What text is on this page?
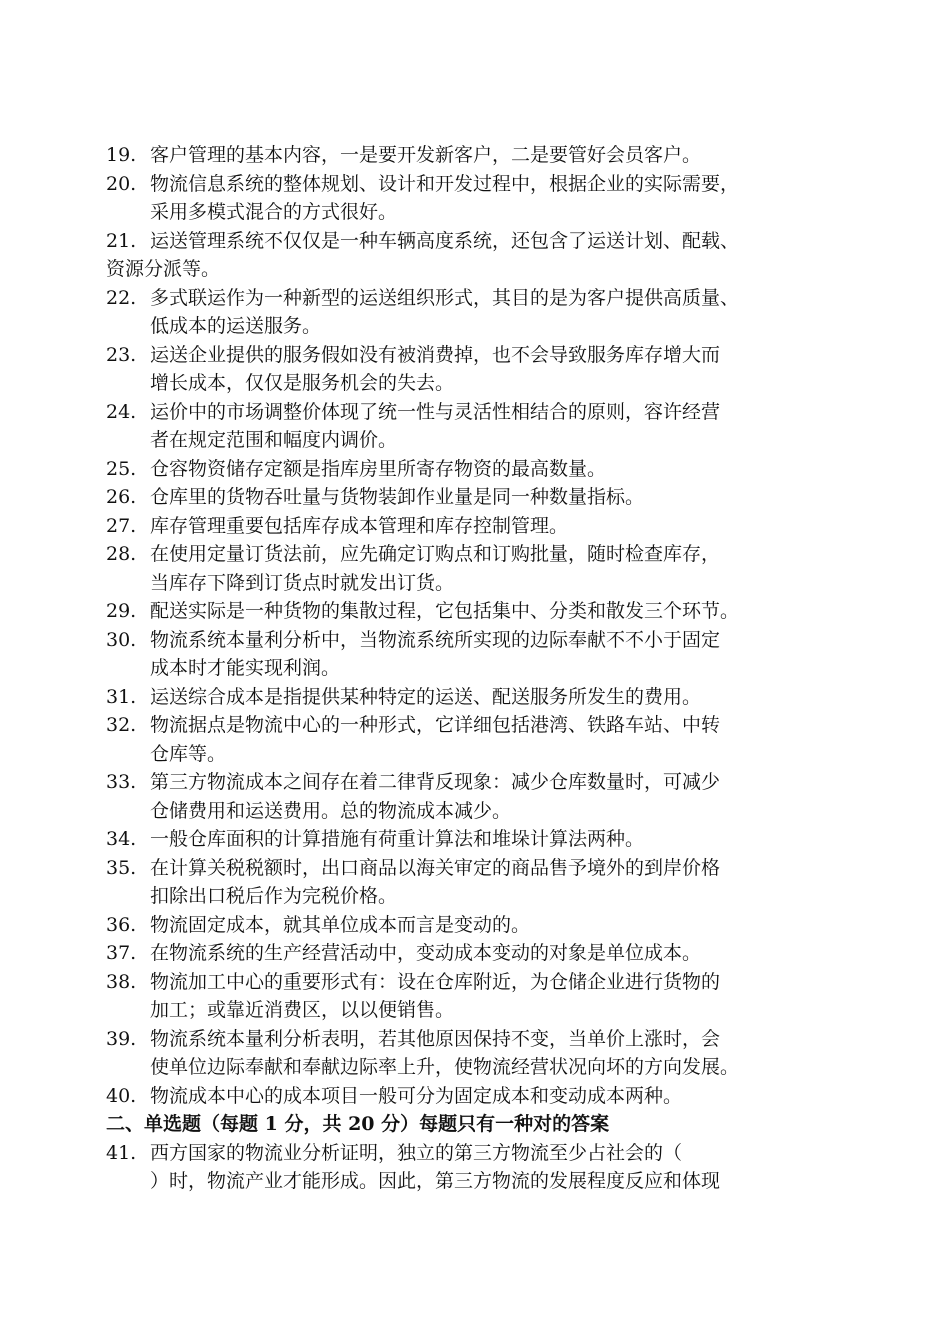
19. 客户管理的基本内容，一是要开发新客户，二是要管好会员客户。
20. 物流信息系统的整体规划、设计和开发过程中，根据企业的实际需要，
采用多模式混合的方式很好。
21. 运送管理系统不仅仅是一种车辆高度系统，还包含了运送计划、配载、
资源分派等。
22. 多式联运作为一种新型的运送组织形式，其目的是为客户提供高质量、
低成本的运送服务。
23. 运送企业提供的服务假如没有被消费掉，也不会导致服务库存增大而
增长成本，仅仅是服务机会的失去。
24. 运价中的市场调整价体现了统一性与灵活性相结合的原则，容许经营
者在规定范围和幅度内调价。
25. 仓容物资储存定额是指库房里所寄存物资的最高数量。
26. 仓库里的货物吞吐量与货物装卸作业量是同一种数量指标。
27. 库存管理重要包括库存成本管理和库存控制管理。
28. 在使用定量订货法前，应先确定订购点和订购批量，随时检查库存，
当库存下降到订货点时就发出订货。
29. 配送实际是一种货物的集散过程，它包括集中、分类和散发三个环节。
30. 物流系统本量利分析中，当物流系统所实现的边际奉献不不小于固定
成本时才能实现利润。
31. 运送综合成本是指提供某种特定的运送、配送服务所发生的费用。
32. 物流据点是物流中心的一种形式，它详细包括港湾、铁路车站、中转
仓库等。
33. 第三方物流成本之间存在着二律背反现象：减少仓库数量时，可减少
仓储费用和运送费用。总的物流成本减少。
34. 一般仓库面积的计算措施有荷重计算法和堆垛计算法两种。
35. 在计算关税税额时，出口商品以海关审定的商品售予境外的到岸价格
扣除出口税后作为完税价格。
36. 物流固定成本，就其单位成本而言是变动的。
37. 在物流系统的生产经营活动中，变动成本变动的对象是单位成本。
38. 物流加工中心的重要形式有：设在仓库附近，为仓储企业进行货物的
加工；或靠近消费区，以以便销售。
39. 物流系统本量利分析表明，若其他原因保持不变，当单价上涨时，会
使单位边际奉献和奉献边际率上升，使物流经营状况向坏的方向发展。
40. 物流成本中心的成本项目一般可分为固定成本和变动成本两种。
二、单选题（每题 1 分，共 20 分）每题只有一种对的答案
41. 西方国家的物流业分析证明，独立的第三方物流至少占社会的（
）时，物流产业才能形成。因此，第三方物流的发展程度反应和体现
